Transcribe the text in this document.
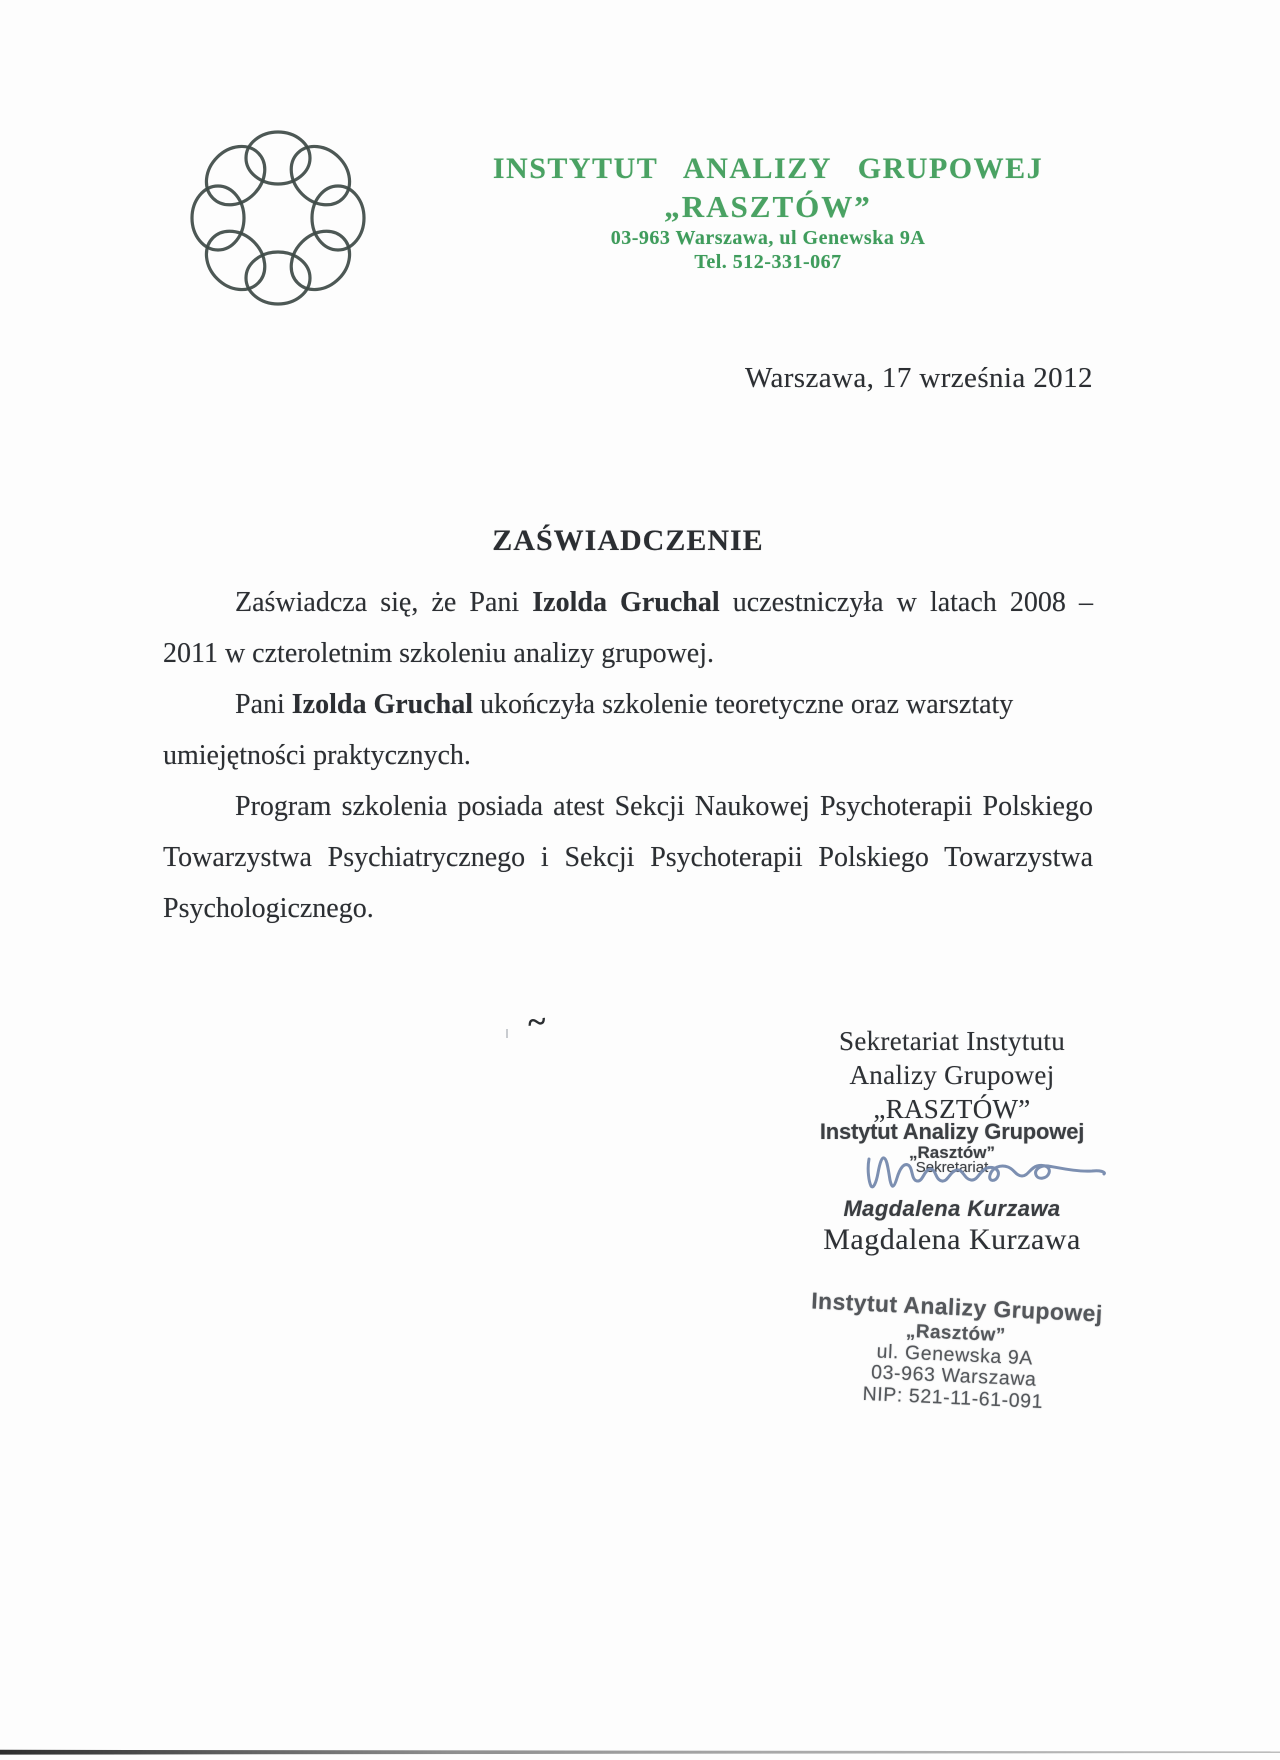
INSTYTUT ANALIZY GRUPOWEJ
„RASZTÓW”
03-963 Warszawa, ul Genewska 9A
Tel. 512-331-067
Warszawa, 17 września 2012
ZAŚWIADCZENIE
Zaświadcza się, że Pani Izolda Gruchal uczestniczyła w latach 2008 –
2011 w czteroletnim szkoleniu analizy grupowej.
Pani Izolda Gruchal ukończyła szkolenie teoretyczne oraz warsztaty
umiejętności praktycznych.
Program szkolenia posiada atest Sekcji Naukowej Psychoterapii Polskiego
Towarzystwa Psychiatrycznego i Sekcji Psychoterapii Polskiego Towarzystwa
Psychologicznego.
~	Sekretariat Instytutu
Analizy Grupowej
„RASZTÓW”
Instytut Analizy Grupowej
„Rasztów”
Sekretariat
Magdalena Kurzawa
Magdalena Kurzawa
Instytut Analizy Grupowej
„Rasztów”
ul. Genewska 9A
03-963 Warszawa
NIP: 521-11-61-091
